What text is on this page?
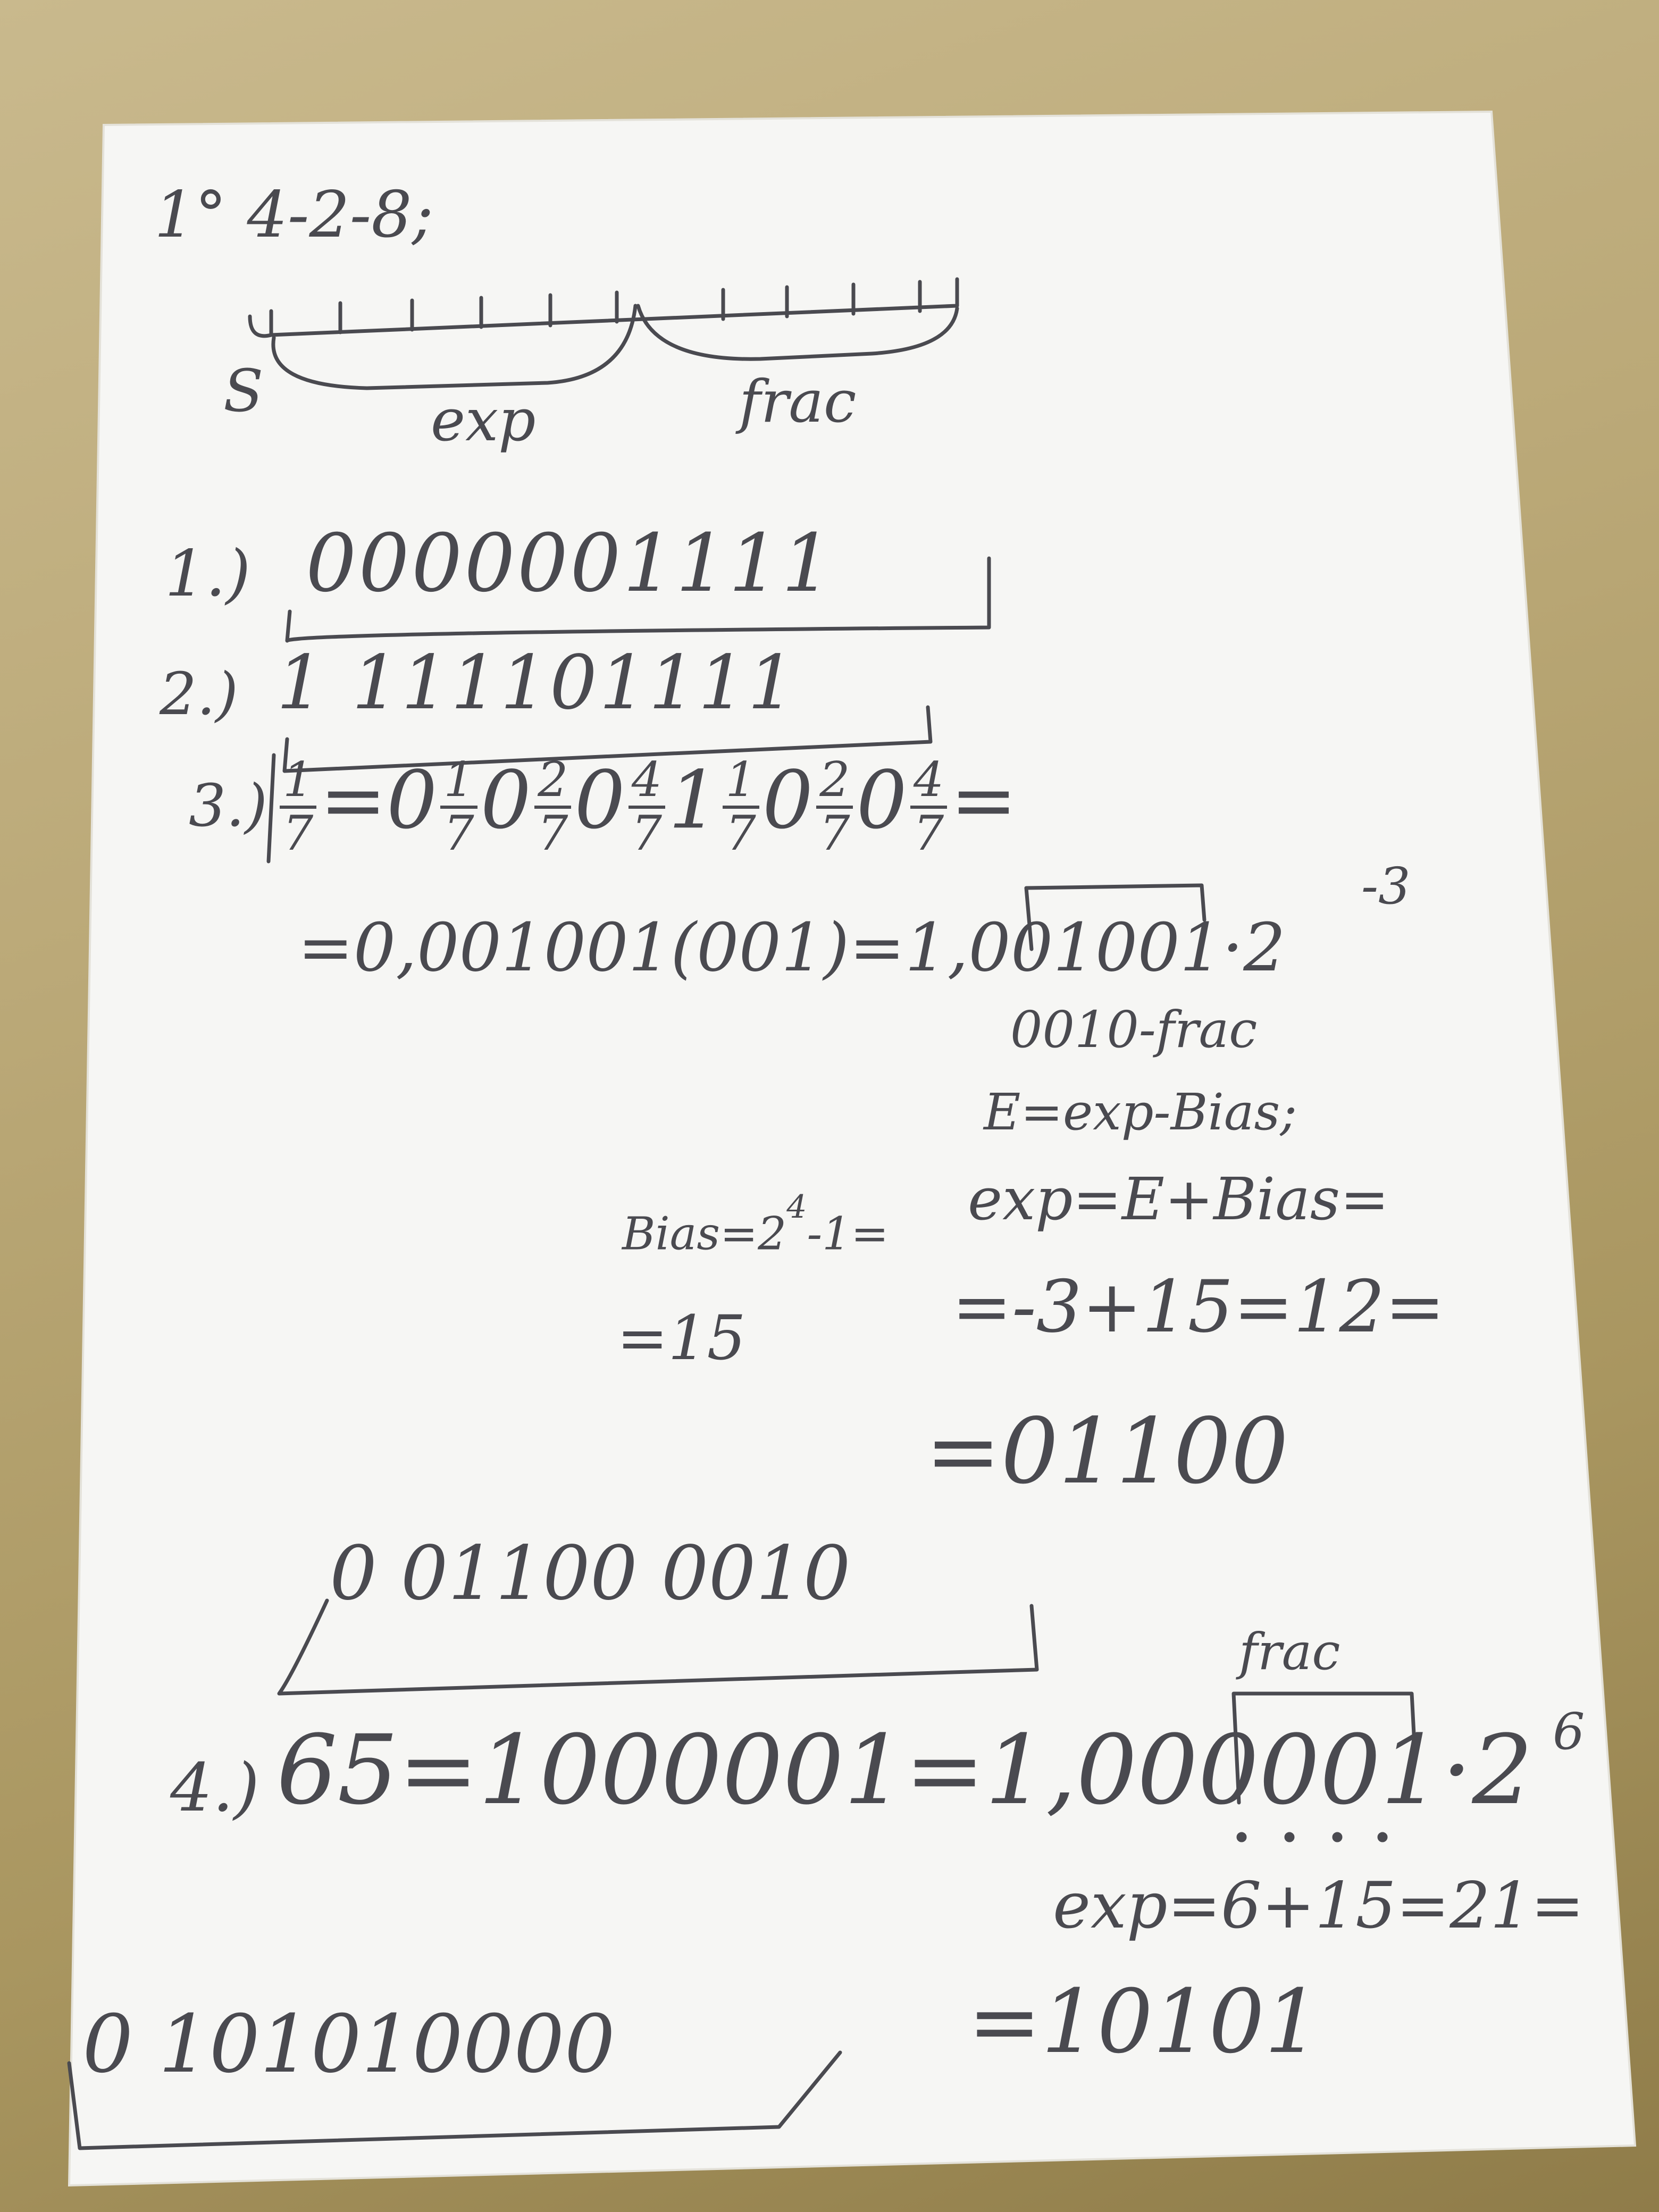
1° 4-2-8;
S	exp	frac
1.) 0000001111
2.) 1 111101111
$3.) \frac{1}{7} =0 \frac{1}{7} 0 \frac{2}{7} 0 \frac{4}{7} 1 \frac{1}{7} 0 \frac{2}{7} 0 \frac{4}{7}$ =
=0,001001(001)=1,001001·2
-3
0010-frac
E=exp-Bias;
exp=E+Bias=
$Bias=2^4-1=$
=15	=-3+15=12=
=01100
0 01100 0010
frac
4.) 65=1000001=1,000001·2 6
exp=6+15=21=
=10101
0 101010000
